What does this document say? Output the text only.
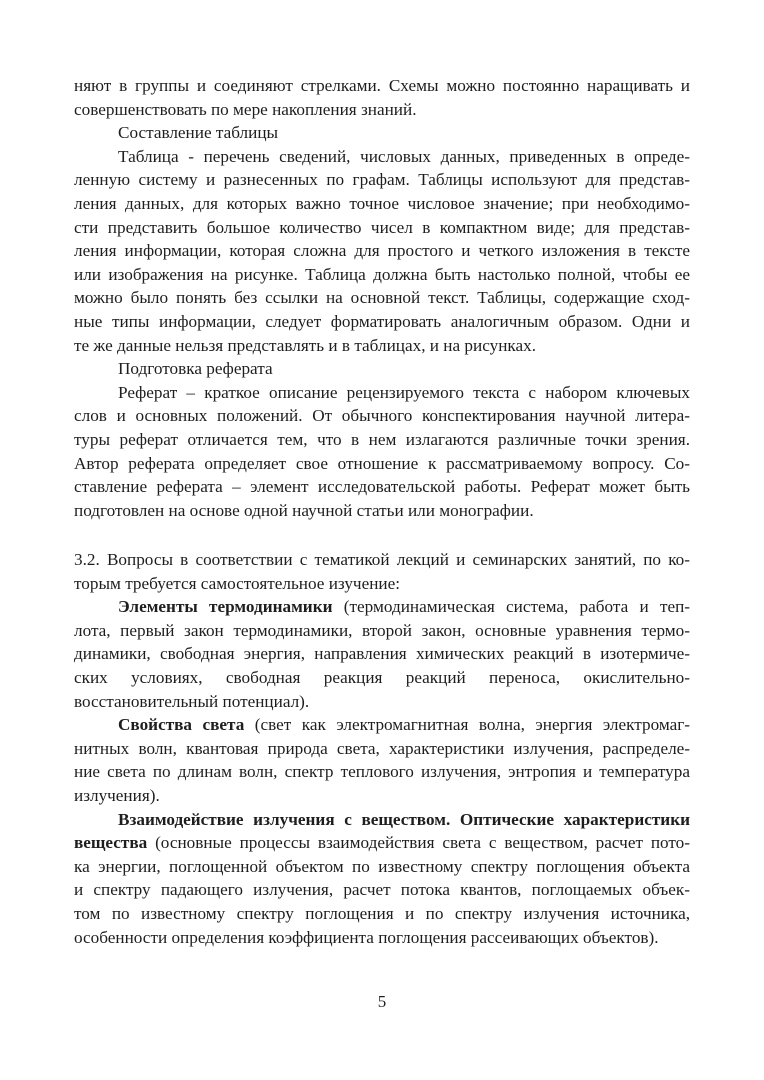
няют в группы и соединяют стрелками. Схемы можно постоянно наращивать и
совершенствовать по мере накопления знаний.
Составление таблицы
Таблица - перечень сведений, числовых данных, приведенных в опреде-
ленную систему и разнесенных по графам. Таблицы используют для представ-
ления данных, для которых важно точное числовое значение; при необходимо-
сти представить большое количество чисел в компактном виде; для представ-
ления информации, которая сложна для простого и четкого изложения в тексте
или изображения на рисунке. Таблица должна быть настолько полной, чтобы ее
можно было понять без ссылки на основной текст. Таблицы, содержащие сход-
ные типы информации, следует форматировать аналогичным образом. Одни и
те же данные нельзя представлять и в таблицах, и на рисунках.
Подготовка реферата
Реферат – краткое описание рецензируемого текста с набором ключевых
слов и основных положений. От обычного конспектирования научной литера-
туры реферат отличается тем, что в нем излагаются различные точки зрения.
Автор реферата определяет свое отношение к рассматриваемому вопросу. Со-
ставление реферата – элемент исследовательской работы. Реферат может быть
подготовлен на основе одной научной статьи или монографии.
3.2. Вопросы в соответствии с тематикой лекций и семинарских занятий, по ко-
торым требуется самостоятельное изучение:
Элементы термодинамики (термодинамическая система, работа и теп-
лота, первый закон термодинамики, второй закон, основные уравнения термо-
динамики, свободная энергия, направления химических реакций в изотермиче-
ских условиях, свободная реакция реакций переноса, окислительно-
восстановительный потенциал).
Свойства света (свет как электромагнитная волна, энергия электромаг-
нитных волн, квантовая природа света, характеристики излучения, распределе-
ние света по длинам волн, спектр теплового излучения, энтропия и температура
излучения).
Взаимодействие излучения с веществом. Оптические характеристики
вещества (основные процессы взаимодействия света с веществом, расчет пото-
ка энергии, поглощенной объектом по известному спектру поглощения объекта
и спектру падающего излучения, расчет потока квантов, поглощаемых объек-
том по известному спектру поглощения и по спектру излучения источника,
особенности определения коэффициента поглощения рассеивающих объектов).
5
